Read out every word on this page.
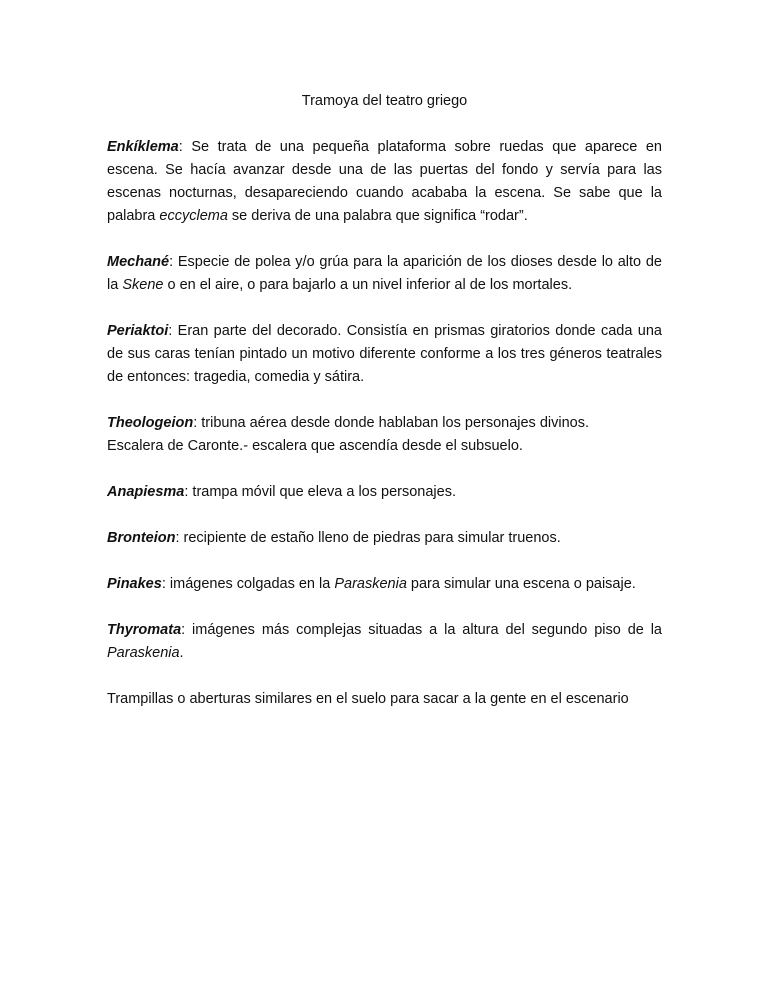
Tramoya del teatro griego

Enkíklema: Se trata de una pequeña plataforma sobre ruedas que aparece en escena. Se hacía avanzar desde una de las puertas del fondo y servía para las escenas nocturnas, desapareciendo cuando acababa la escena. Se sabe que la palabra eccyclema se deriva de una palabra que significa “rodar”.

Mechané: Especie de polea y/o grúa para la aparición de los dioses desde lo alto de la Skene o en el aire, o para bajarlo a un nivel inferior al de los mortales.

Periaktoi: Eran parte del decorado. Consistía en prismas giratorios donde cada una de sus caras tenían pintado un motivo diferente conforme a los tres géneros teatrales de entonces: tragedia, comedia y sátira.

Theologeion: tribuna aérea desde donde hablaban los personajes divinos.
Escalera de Caronte.- escalera que ascendía desde el subsuelo.

Anapiesma: trampa móvil que eleva a los personajes.

Bronteion: recipiente de estaño lleno de piedras para simular truenos.

Pinakes: imágenes colgadas en la Paraskenia para simular una escena o paisaje.

Thyromata: imágenes más complejas situadas a la altura del segundo piso de la Paraskenia.

Trampillas o aberturas similares en el suelo para sacar a la gente en el escenario
